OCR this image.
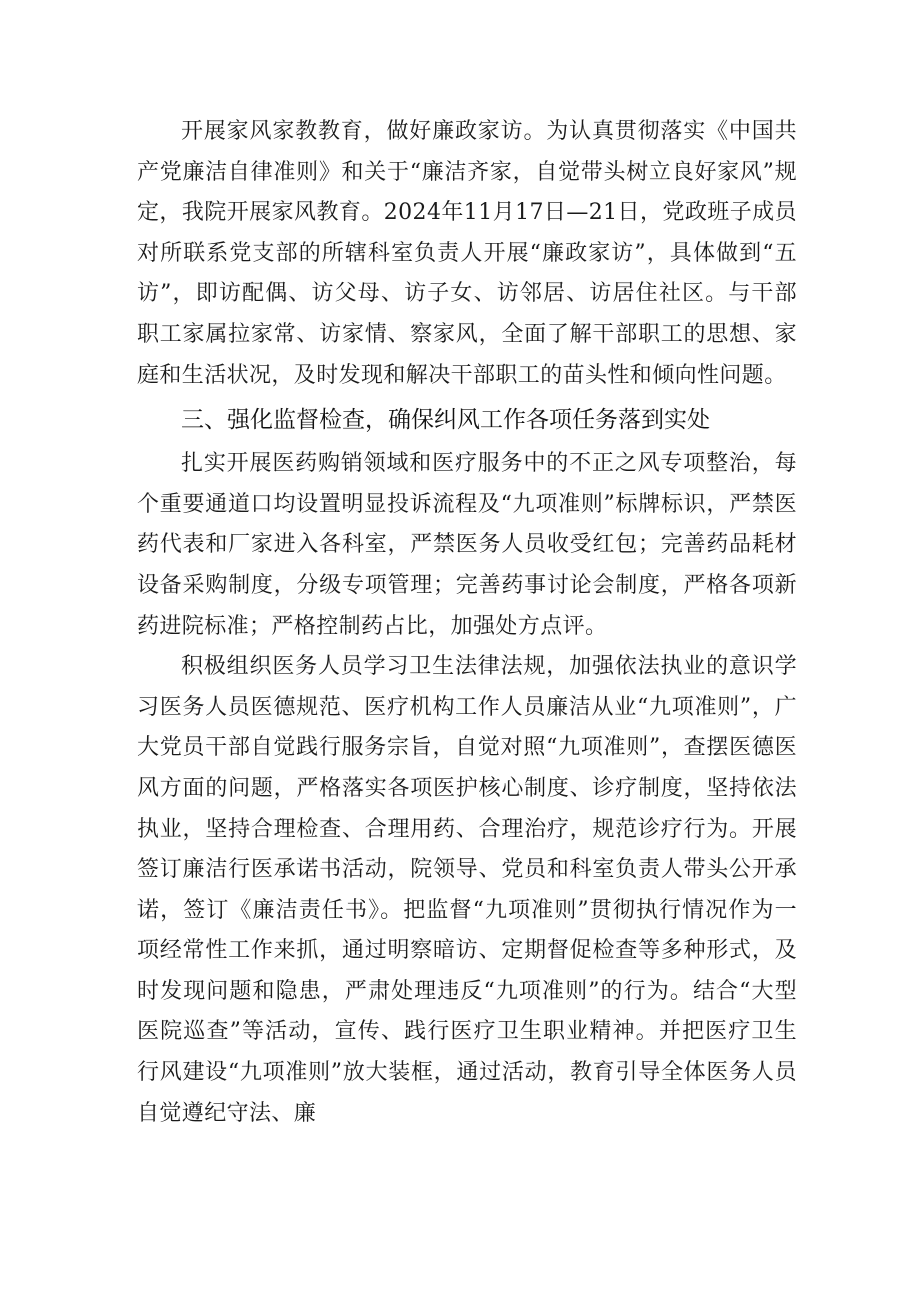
开展家风家教教育，做好廉政家访。为认真贯彻落实《中国共产党廉洁自律准则》和关于“廉洁齐家，自觉带头树立良好家风”规定，我院开展家风教育。2024年11月17日—21日，党政班子成员对所联系党支部的所辖科室负责人开展“廉政家访”，具体做到“五访”，即访配偶、访父母、访子女、访邻居、访居住社区。与干部职工家属拉家常、访家情、察家风，全面了解干部职工的思想、家庭和生活状况，及时发现和解决干部职工的苗头性和倾向性问题。

三、强化监督检查，确保纠风工作各项任务落到实处

扎实开展医药购销领域和医疗服务中的不正之风专项整治，每个重要通道口均设置明显投诉流程及“九项准则”标牌标识，严禁医药代表和厂家进入各科室，严禁医务人员收受红包；完善药品耗材设备采购制度，分级专项管理；完善药事讨论会制度，严格各项新药进院标准；严格控制药占比，加强处方点评。

积极组织医务人员学习卫生法律法规，加强依法执业的意识学习医务人员医德规范、医疗机构工作人员廉洁从业“九项准则”，广大党员干部自觉践行服务宗旨，自觉对照“九项准则”，查摆医德医风方面的问题，严格落实各项医护核心制度、诊疗制度，坚持依法执业，坚持合理检查、合理用药、合理治疗，规范诊疗行为。开展签订廉洁行医承诺书活动，院领导、党员和科室负责人带头公开承诺，签订《廉洁责任书》。把监督“九项准则”贯彻执行情况作为一项经常性工作来抓，通过明察暗访、定期督促检查等多种形式，及时发现问题和隐患，严肃处理违反“九项准则”的行为。结合“大型医院巡查”等活动，宣传、践行医疗卫生职业精神。并把医疗卫生行风建设“九项准则”放大装框，通过活动，教育引导全体医务人员自觉遵纪守法、廉
